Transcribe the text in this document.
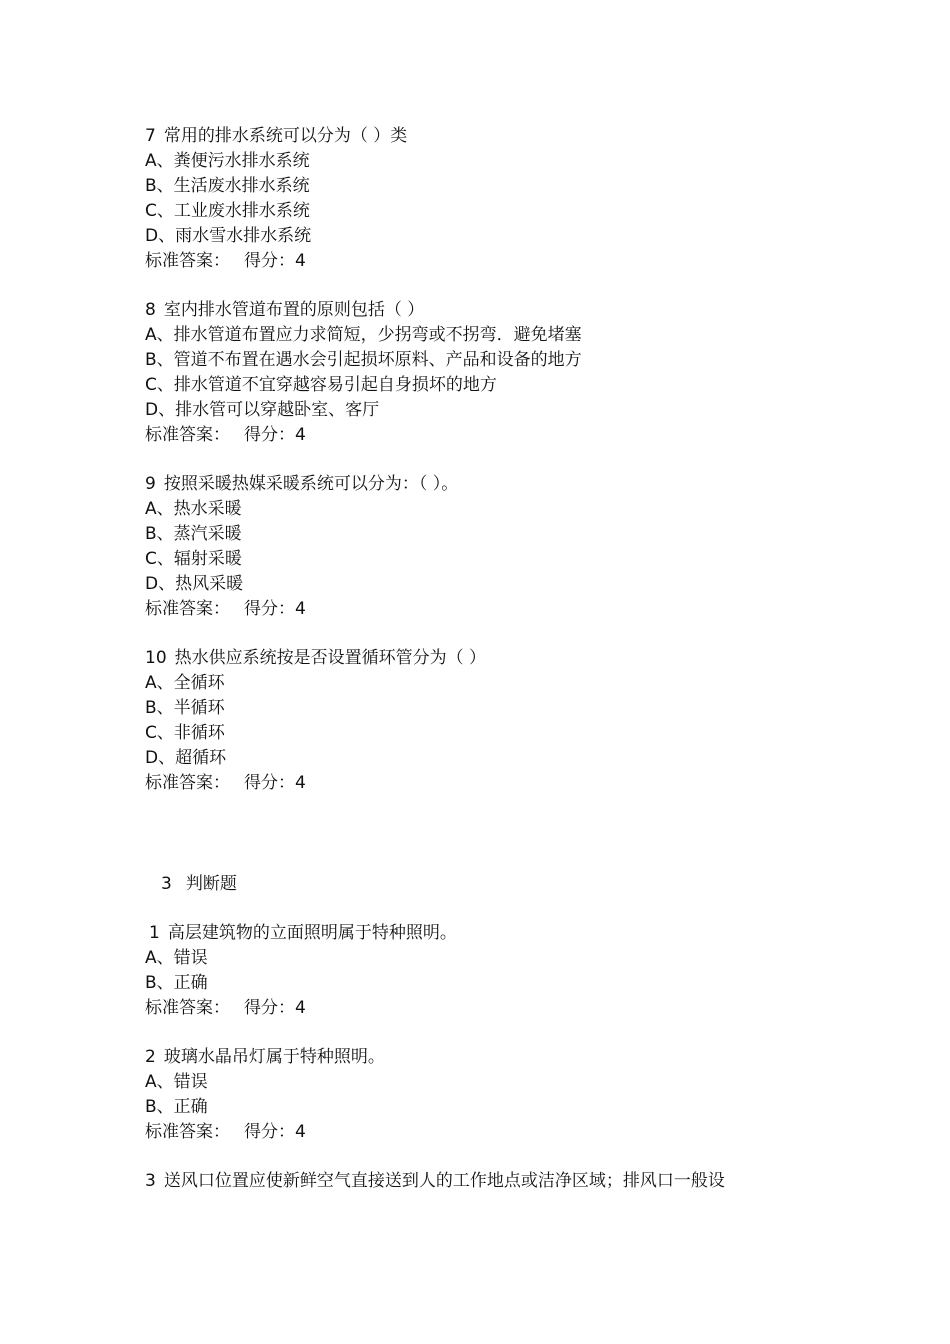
7 常用的排水系统可以分为（ ）类
A、粪便污水排水系统
B、生活废水排水系统
C、工业废水排水系统
D、雨水雪水排水系统
标准答案： 得分：4
8 室内排水管道布置的原则包括（ ）
A、排水管道布置应力求简短，少拐弯或不拐弯．避免堵塞
B、管道不布置在遇水会引起损坏原料、产品和设备的地方
C、排水管道不宜穿越容易引起自身损坏的地方
D、排水管可以穿越卧室、客厅
标准答案： 得分：4
9 按照采暖热媒采暖系统可以分为：（ ）。
A、热水采暖
B、蒸汽采暖
C、辐射采暖
D、热风采暖
标准答案： 得分：4
10 热水供应系统按是否设置循环管分为（ ）
A、全循环
B、半循环
C、非循环
D、超循环
标准答案： 得分：4
3 判断题
1 高层建筑物的立面照明属于特种照明。
A、错误
B、正确
标准答案： 得分：4
2 玻璃水晶吊灯属于特种照明。
A、错误
B、正确
标准答案： 得分：4
3 送风口位置应使新鲜空气直接送到人的工作地点或洁净区域；排风口一般设
